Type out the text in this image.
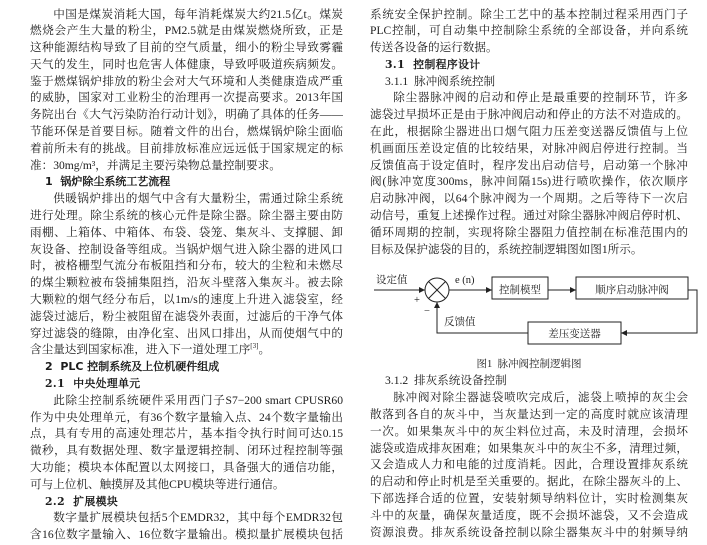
中国是煤炭消耗大国，每年消耗煤炭大约21.5亿t。煤炭
燃烧会产生大量的粉尘，PM2.5就是由煤炭燃烧所致，正是
这种能源结构导致了目前的空气质量，细小的粉尘导致雾霾
天气的发生，同时也危害人体健康，导致呼吸道疾病频发。
鉴于燃煤锅炉排放的粉尘会对大气环境和人类健康造成严重
的威胁，国家对工业粉尘的治理再一次提高要求。2013年国
务院出台《大气污染防治行动计划》，明确了具体的任务——
节能环保是首要目标。随着文件的出台，燃煤锅炉除尘面临
着前所未有的挑战。目前排放标准应远远低于国家规定的标
准：30mg/m³，并满足主要污染物总量控制要求。
1  锅炉除尘系统工艺流程
供暖锅炉排出的烟气中含有大量粉尘，需通过除尘系统
进行处理。除尘系统的核心元件是除尘器。除尘器主要由防
雨棚、上箱体、中箱体、布袋、袋笼、集灰斗、支撑腿、卸
灰设备、控制设备等组成。当锅炉烟气进入除尘器的进风口
时，被格栅型气流分布板阻挡和分布，较大的尘粒和未燃尽
的煤尘颗粒被布袋捕集阻挡，沿灰斗壁落入集灰斗。被去除
大颗粒的烟气经分布后，以1m/s的速度上升进入滤袋室，经
滤袋过滤后，粉尘被阻留在滤袋外表面，过滤后的干净气体
穿过滤袋的缝隙，由净化室、出风口排出，从而使烟气中的
含尘量达到国家标准，进入下一道处理工序[3]。
2  PLC 控制系统及上位机硬件组成
2.1  中央处理单元
此除尘控制系统硬件采用西门子S7−200 smart CPUSR60
作为中央处理单元，有36个数字量输入点、24个数字量输出
点，具有专用的高速处理芯片，基本指令执行时间可达0.15
微秒，具有数据处理、数字量逻辑控制、闭环过程控制等强
大功能；模块本体配置以太网接口，具备强大的通信功能，
可与上位机、触摸屏及其他CPU模块等进行通信。
2.2  扩展模块
数字量扩展模块包括5个EMDR32，其中每个EMDR32包
含16位数字量输入、16位数字量输出。模拟量扩展模块包括
系统安全保护控制。除尘工艺中的基本控制过程采用西门子
PLC控制，可自动集中控制除尘系统的全部设备，并向系统
传送各设备的运行数据。
3.1  控制程序设计
3.1.1  脉冲阀系统控制
除尘器脉冲阀的启动和停止是最重要的控制环节，许多
滤袋过早损坏正是由于脉冲阀启动和停止的方法不对造成的。
在此，根据除尘器进出口烟气阻力压差变送器反馈值与上位
机画面压差设定值的比较结果，对脉冲阀启停进行控制。当
反馈值高于设定值时，程序发出启动信号，启动第一个脉冲
阀(脉冲宽度300ms，脉冲间隔15s)进行喷吹操作，依次顺序
启动脉冲阀，以64个脉冲阀为一个周期。之后等待下一次启
动信号，重复上述操作过程。通过对除尘器脉冲阀启停时机、
循环周期的控制，实现将除尘器阻力值控制在标准范围内的
目标及保护滤袋的目的，系统控制逻辑图如图1所示。
设定值
+
−
e (n)
控制模型	顺序启动脉冲阀
差压变送器
反馈值
图1  脉冲阀控制逻辑图
3.1.2  排灰系统设备控制
脉冲阀对除尘器滤袋喷吹完成后，滤袋上喷掉的灰尘会
散落到各自的灰斗中，当灰量达到一定的高度时就应该清理
一次。如果集灰斗中的灰尘料位过高，未及时清理，会损坏
滤袋或造成排灰困难；如果集灰斗中的灰尘不多，清理过频，
又会造成人力和电能的过度消耗。因此，合理设置排灰系统
的启动和停止时机是至关重要的。据此，在除尘器灰斗的上、
下部选择合适的位置，安装射频导纳料位计，实时检测集灰
斗中的灰量，确保灰量适度，既不会损坏滤袋，又不会造成
资源浪费。排灰系统设备控制以除尘器集灰斗中的射频导纳
